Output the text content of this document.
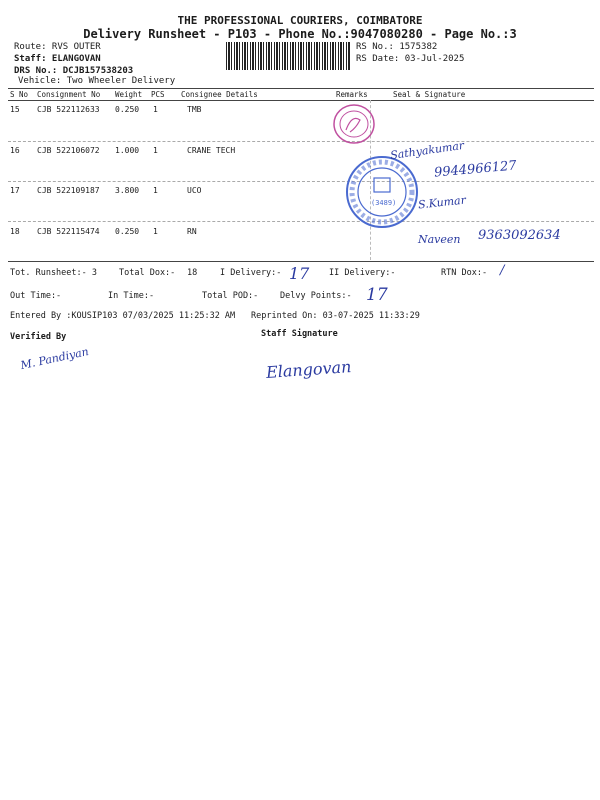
THE PROFESSIONAL COURIERS, COIMBATORE
Delivery Runsheet - P103 - Phone No.:9047080280 - Page No.:3
Route: RVS OUTER
Staff: ELANGOVAN
DRS No.: DCJB157538203
Vehicle: Two Wheeler Delivery
RS No.: 1575382
RS Date: 03-Jul-2025
S No Consignment No Weight PCS Consignee Details	Remarks	Seal & Signature
15 CJB 522112633 0.250 1	TMB
16 CJB 522106072 1.000 1	CRANE TECH
17 CJB 522109187 3.800 1	UCO
18 CJB 522115474 0.250 1	RN
(3489)
Sathyakumar
9944966127
S.Kumar
Naveen 9363092634
Tot. Runsheet:- 3	Total Dox:- 18	I Delivery:- 17 II Delivery:-	RTN Dox:- /
Out Time:-	In Time:-	Total POD:-	Delvy Points:- 17
Entered By :KOUSIP103 07/03/2025 11:25:32 AM Reprinted On: 03-07-2025 11:33:29
Verified By	Staff Signature
M. Pandiyan	Elangovan
